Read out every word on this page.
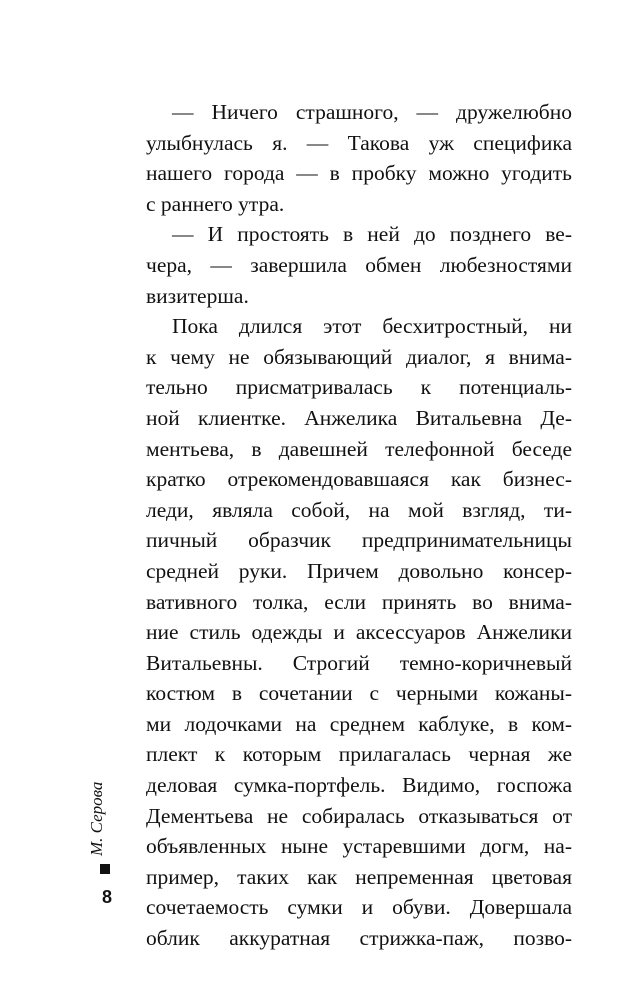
— Ничего страшного, — дружелюбно
улыбнулась я. — Такова уж специфика
нашего города — в пробку можно угодить
с раннего утра.
— И простоять в ней до позднего ве-
чера, — завершила обмен любезностями
визитерша.
Пока длился этот бесхитростный, ни
к чему не обязывающий диалог, я внима-
тельно присматривалась к потенциаль-
ной клиентке. Анжелика Витальевна Де-
ментьева, в давешней телефонной беседе
кратко отрекомендовавшаяся как бизнес-
леди, являла собой, на мой взгляд, ти-
пичный образчик предпринимательницы
средней руки. Причем довольно консер-
вативного толка, если принять во внима-
ние стиль одежды и аксессуаров Анжелики
Витальевны. Строгий темно-коричневый
костюм в сочетании с черными кожаны-
ми лодочками на среднем каблуке, в ком-
плект к которым прилагалась черная же
деловая сумка-портфель. Видимо, госпожа
Дементьева не собиралась отказываться от
объявленных ныне устаревшими догм, на-
пример, таких как непременная цветовая
сочетаемость сумки и обуви. Довершала
облик аккуратная стрижка-паж, позво-
М. Серова
8
